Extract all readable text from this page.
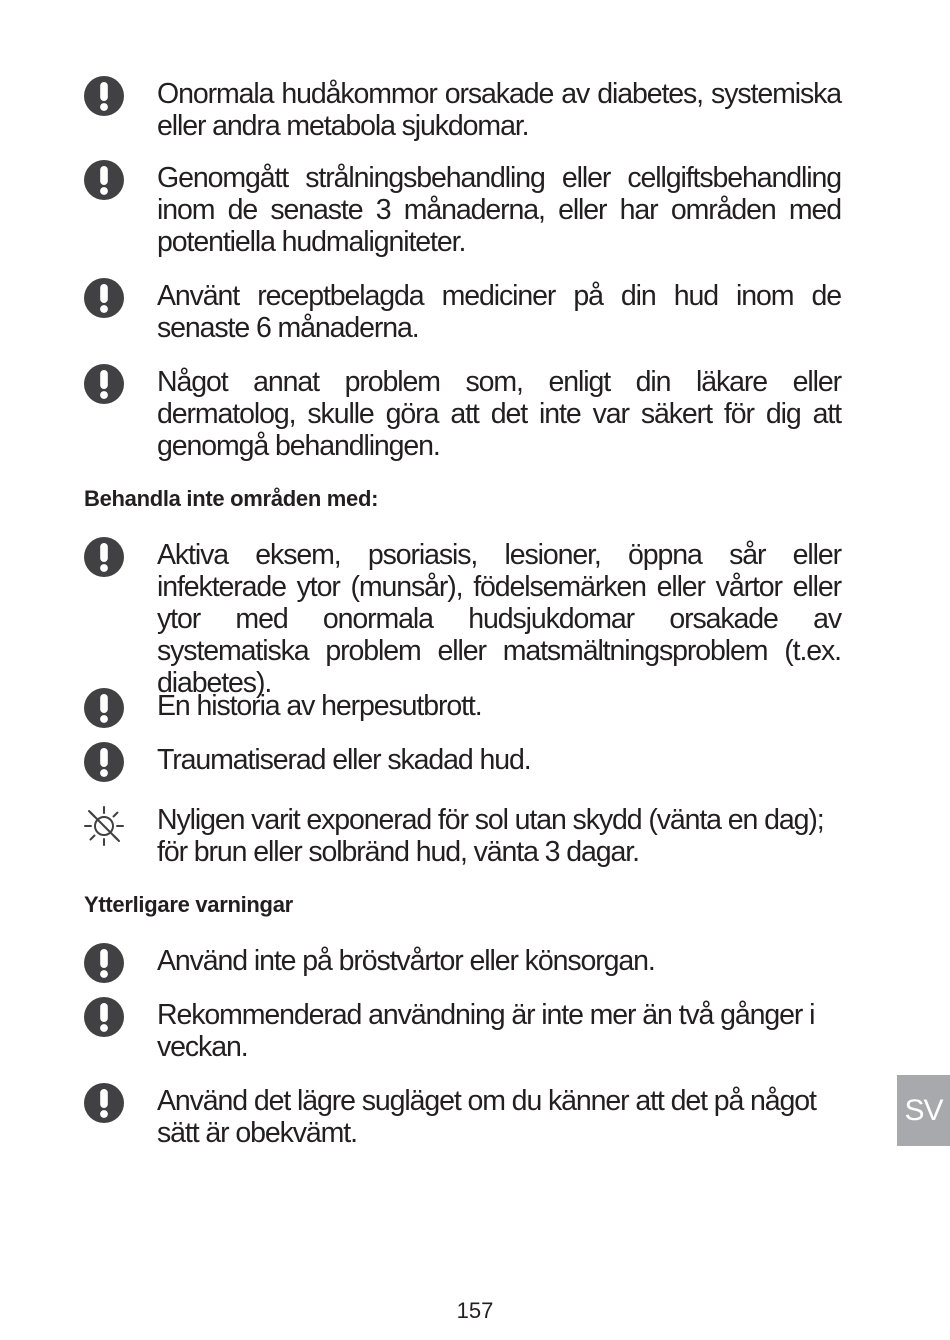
Onormala hudåkommor orsakade av diabetes, systemiska eller andra metabola sjukdomar.

Genomgått strålningsbehandling eller cellgiftsbehandling inom de senaste 3 månaderna, eller har områden med potentiella hudmaligniteter.

Använt receptbelagda mediciner på din hud inom de senaste 6 månaderna.

Något annat problem som, enligt din läkare eller dermatolog, skulle göra att det inte var säkert för dig att genomgå behandlingen.

Behandla inte områden med:

Aktiva eksem, psoriasis, lesioner, öppna sår eller infekterade ytor (munsår), födelsemärken eller vårtor eller ytor med onormala hudsjukdomar orsakade av systematiska problem eller matsmältningsproblem (t.ex. diabetes).

En historia av herpesutbrott.

Traumatiserad eller skadad hud.

Nyligen varit exponerad för sol utan skydd (vänta en dag); för brun eller solbränd hud, vänta 3 dagar.

Ytterligare varningar

Använd inte på bröstvårtor eller könsorgan.

Rekommenderad användning är inte mer än två gånger i veckan.

Använd det lägre sugläget om du känner att det på något sätt är obekvämt.

SV
157
